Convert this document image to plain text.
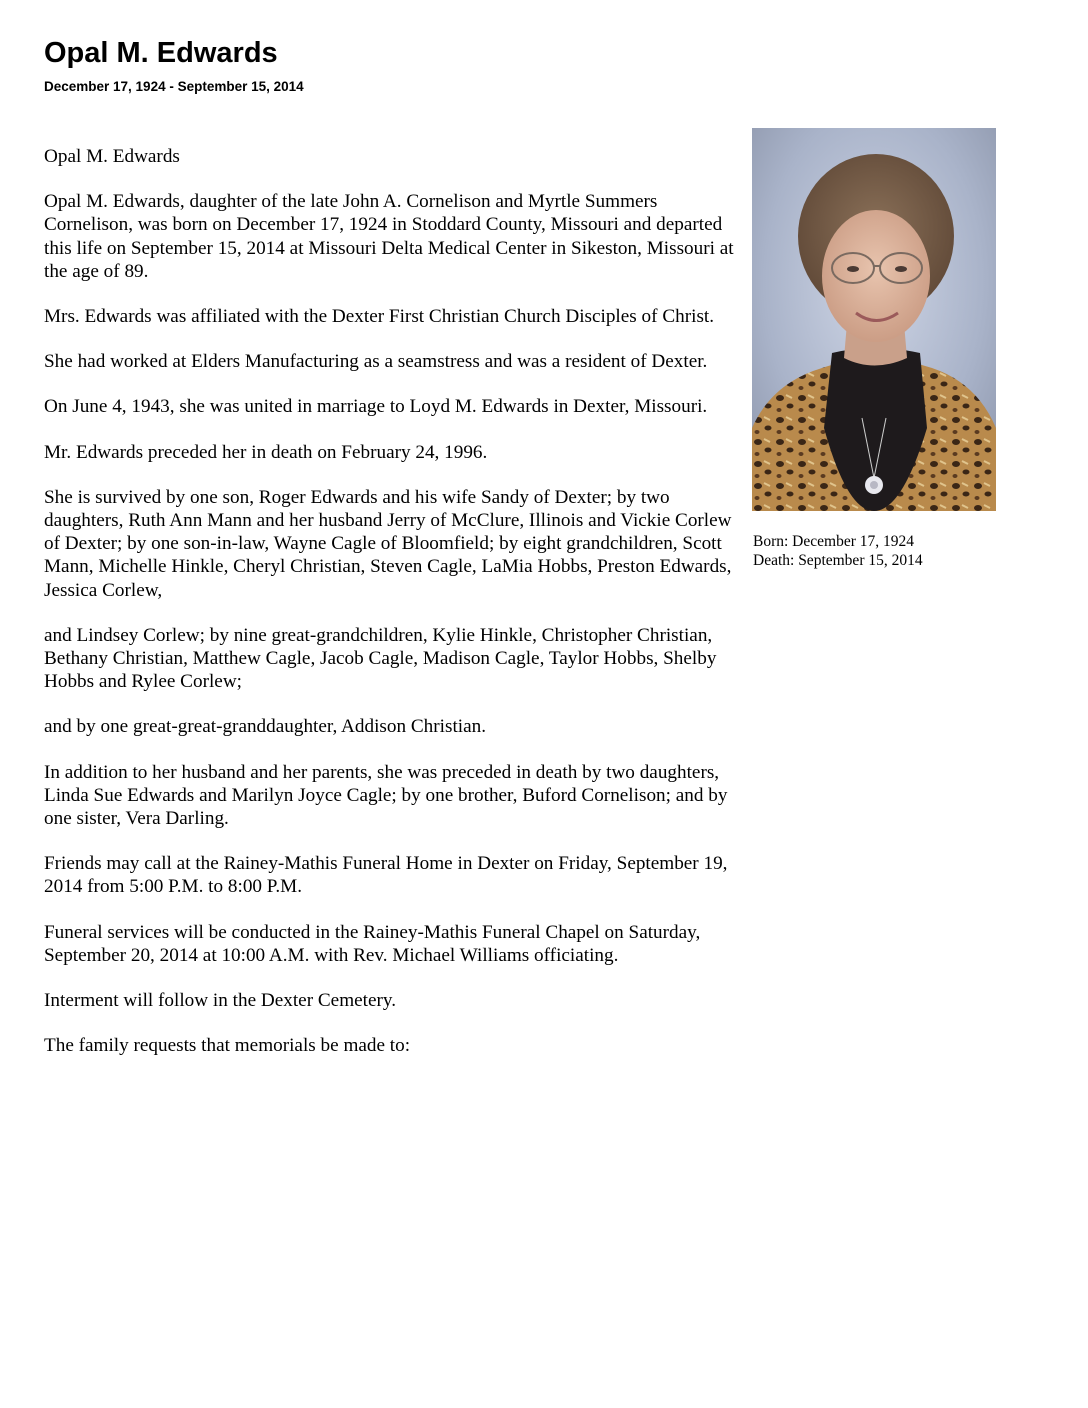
Opal M. Edwards
December 17, 1924 - September 15, 2014

Opal M. Edwards

Opal M. Edwards, daughter of the late John A. Cornelison and Myrtle Summers Cornelison, was born on December 17, 1924 in Stoddard County, Missouri and departed this life on September 15, 2014 at Missouri Delta Medical Center in Sikeston, Missouri at the age of 89.

Mrs. Edwards was affiliated with the Dexter First Christian Church Disciples of Christ.

She had worked at Elders Manufacturing as a seamstress and was a resident of Dexter.

On June 4, 1943, she was united in marriage to Loyd M. Edwards in Dexter, Missouri.

Mr. Edwards preceded her in death on February 24, 1996.

She is survived by one son, Roger Edwards and his wife Sandy of Dexter; by two daughters, Ruth Ann Mann and her husband Jerry of McClure, Illinois and Vickie Corlew of Dexter; by one son-in-law, Wayne Cagle of Bloomfield; by eight grandchildren, Scott Mann, Michelle Hinkle, Cheryl Christian, Steven Cagle, LaMia Hobbs, Preston Edwards, Jessica Corlew,

and Lindsey Corlew; by nine great-grandchildren, Kylie Hinkle, Christopher Christian, Bethany Christian, Matthew Cagle, Jacob Cagle, Madison Cagle, Taylor Hobbs, Shelby Hobbs and Rylee Corlew;

and by one great-great-granddaughter, Addison Christian.

In addition to her husband and her parents, she was preceded in death by two daughters, Linda Sue Edwards and Marilyn Joyce Cagle; by one brother, Buford Cornelison; and by one sister, Vera Darling.

Friends may call at the Rainey-Mathis Funeral Home in Dexter on Friday, September 19, 2014 from 5:00 P.M. to 8:00 P.M.

Funeral services will be conducted in the Rainey-Mathis Funeral Chapel on Saturday, September 20, 2014 at 10:00 A.M. with Rev. Michael Williams officiating.

Interment will follow in the Dexter Cemetery.

The family requests that memorials be made to:

Born: December 17, 1924
Death: September 15, 2014
